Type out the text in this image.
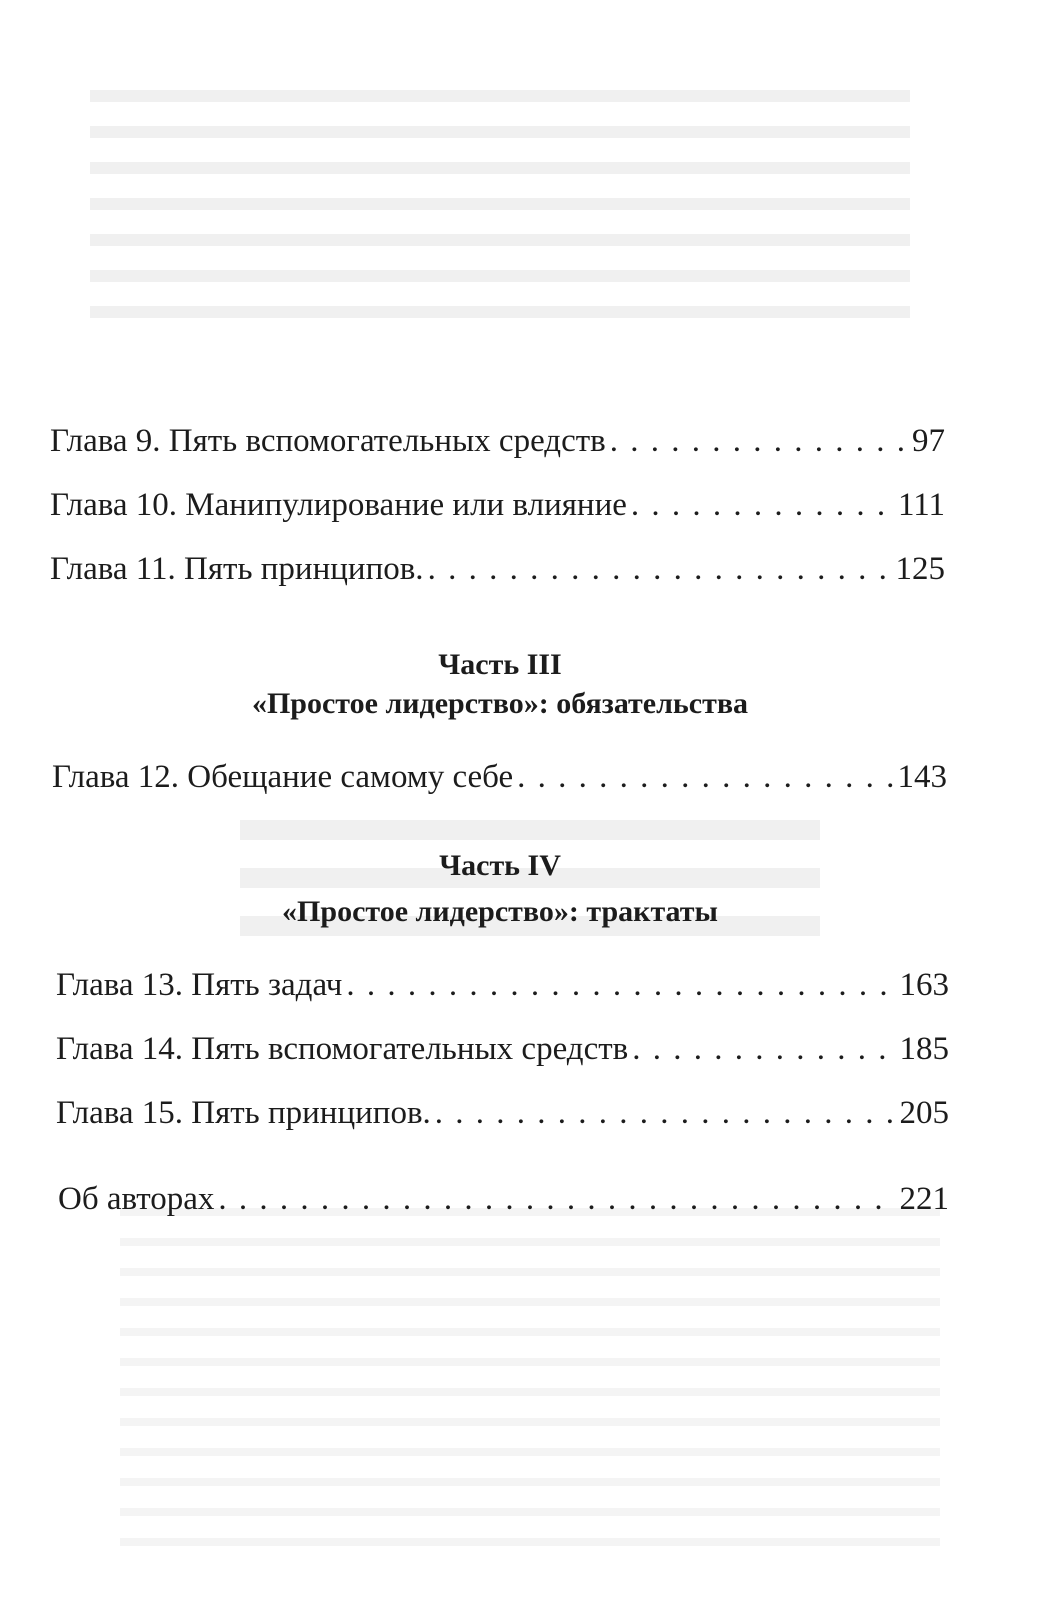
Глава 9. Пять вспомогательных средств . . .	97
Глава 10. Манипулирование или влияние . . .	111
Глава 11. Пять принципов. . . .	125
Часть III
«Простое лидерство»: обязательства
Глава 12. Обещание самому себе . . .	143
Часть IV
«Простое лидерство»: трактаты
Глава 13. Пять задач . . .	163
Глава 14. Пять вспомогательных средств . . .	185
Глава 15. Пять принципов. . . .	205
Об авторах . . .	221
